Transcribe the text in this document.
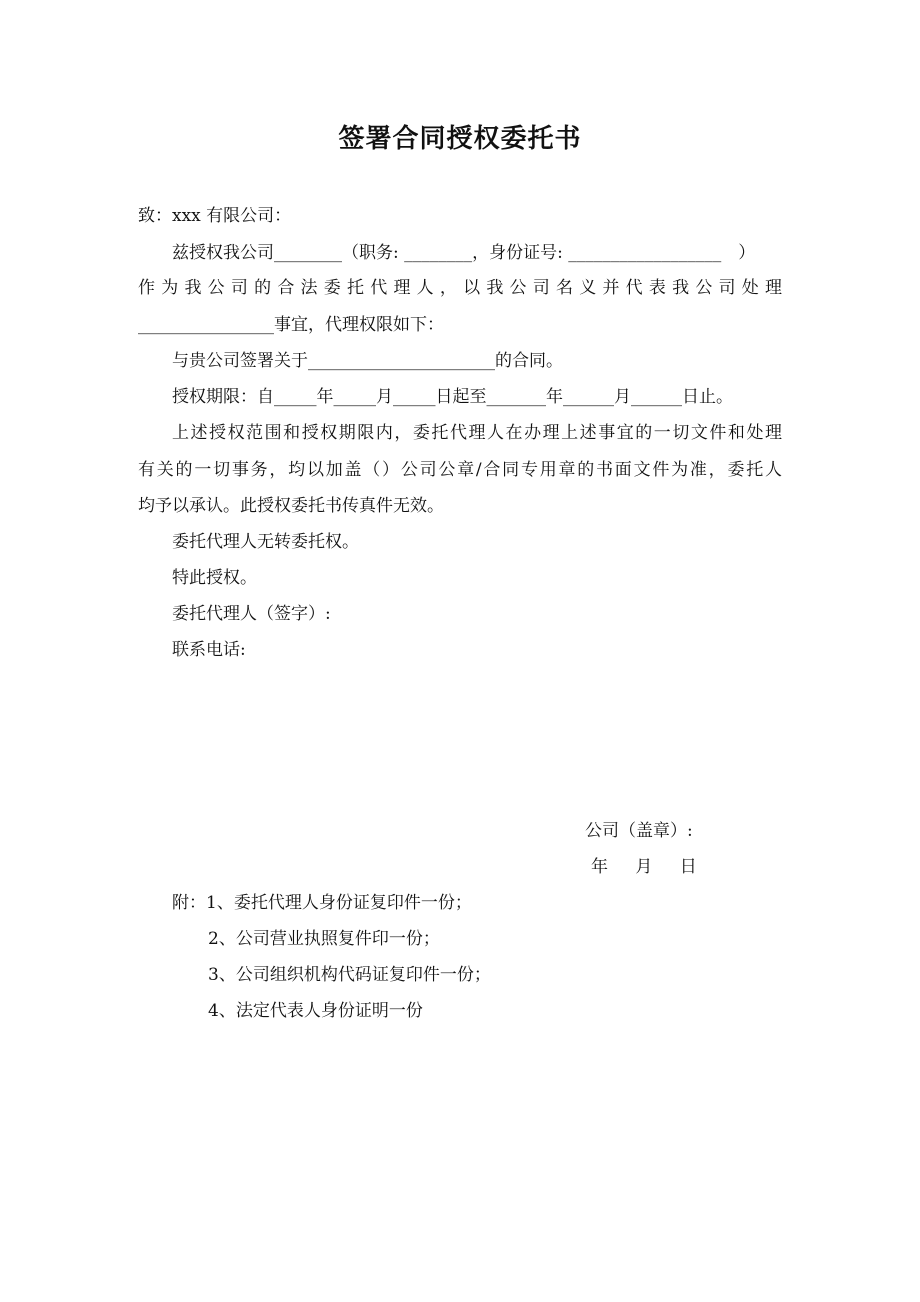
签署合同授权委托书
致：xxx 有限公司：
兹授权我公司________（职务: ________，身份证号: __________________　）
作为我公司的合法委托代理人，以我公司名义并代表我公司处理
________________事宜，代理权限如下：
与贵公司签署关于______________________的合同。
授权期限：自_____年_____月_____日起至_______年______月______日止。
上述授权范围和授权期限内，委托代理人在办理上述事宜的一切文件和处理
有关的一切事务，均以加盖（）公司公章/合同专用章的书面文件为准，委托人
均予以承认。此授权委托书传真件无效。
委托代理人无转委托权。
特此授权。
委托代理人（签字）:
联系电话:
公司（盖章）:
年 月 日
附：1、委托代理人身份证复印件一份；
2、公司营业执照复件印一份；
3、公司组织机构代码证复印件一份；
4、法定代表人身份证明一份
